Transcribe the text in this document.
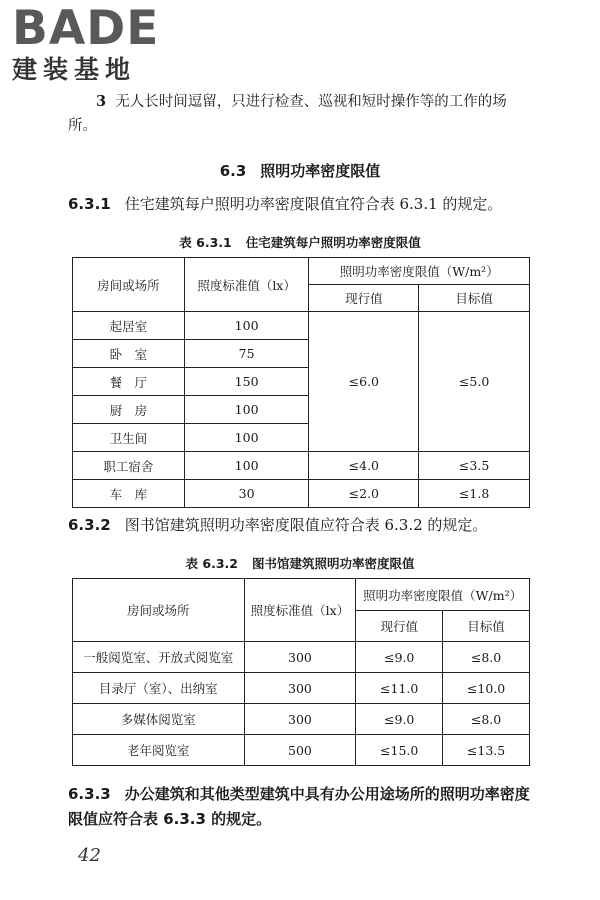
BADE
建装基地
3 无人长时间逗留，只进行检查、巡视和短时操作等的工作的场所。
6.3 照明功率密度限值
6.3.1 住宅建筑每户照明功率密度限值宜符合表 6.3.1 的规定。
表 6.3.1 住宅建筑每户照明功率密度限值
房间或场所	照度标准值（lx）	照明功率密度限值（W/m²）	
		现行值	目标值
起居室	100	≤6.0	≤5.0
卧　室	75		
餐　厅	150		
厨　房	100		
卫生间	100		
职工宿舍	100	≤4.0	≤3.5
车　库	30	≤2.0	≤1.8
6.3.2 图书馆建筑照明功率密度限值应符合表 6.3.2 的规定。
表 6.3.2 图书馆建筑照明功率密度限值
房间或场所	照度标准值（lx）	照明功率密度限值（W/m²）	
		现行值	目标值
一般阅览室、开放式阅览室	300	≤9.0	≤8.0
目录厅（室）、出纳室	300	≤11.0	≤10.0
多媒体阅览室	300	≤9.0	≤8.0
老年阅览室	500	≤15.0	≤13.5
6.3.3 办公建筑和其他类型建筑中具有办公用途场所的照明功率密度限值应符合表 6.3.3 的规定。
42
